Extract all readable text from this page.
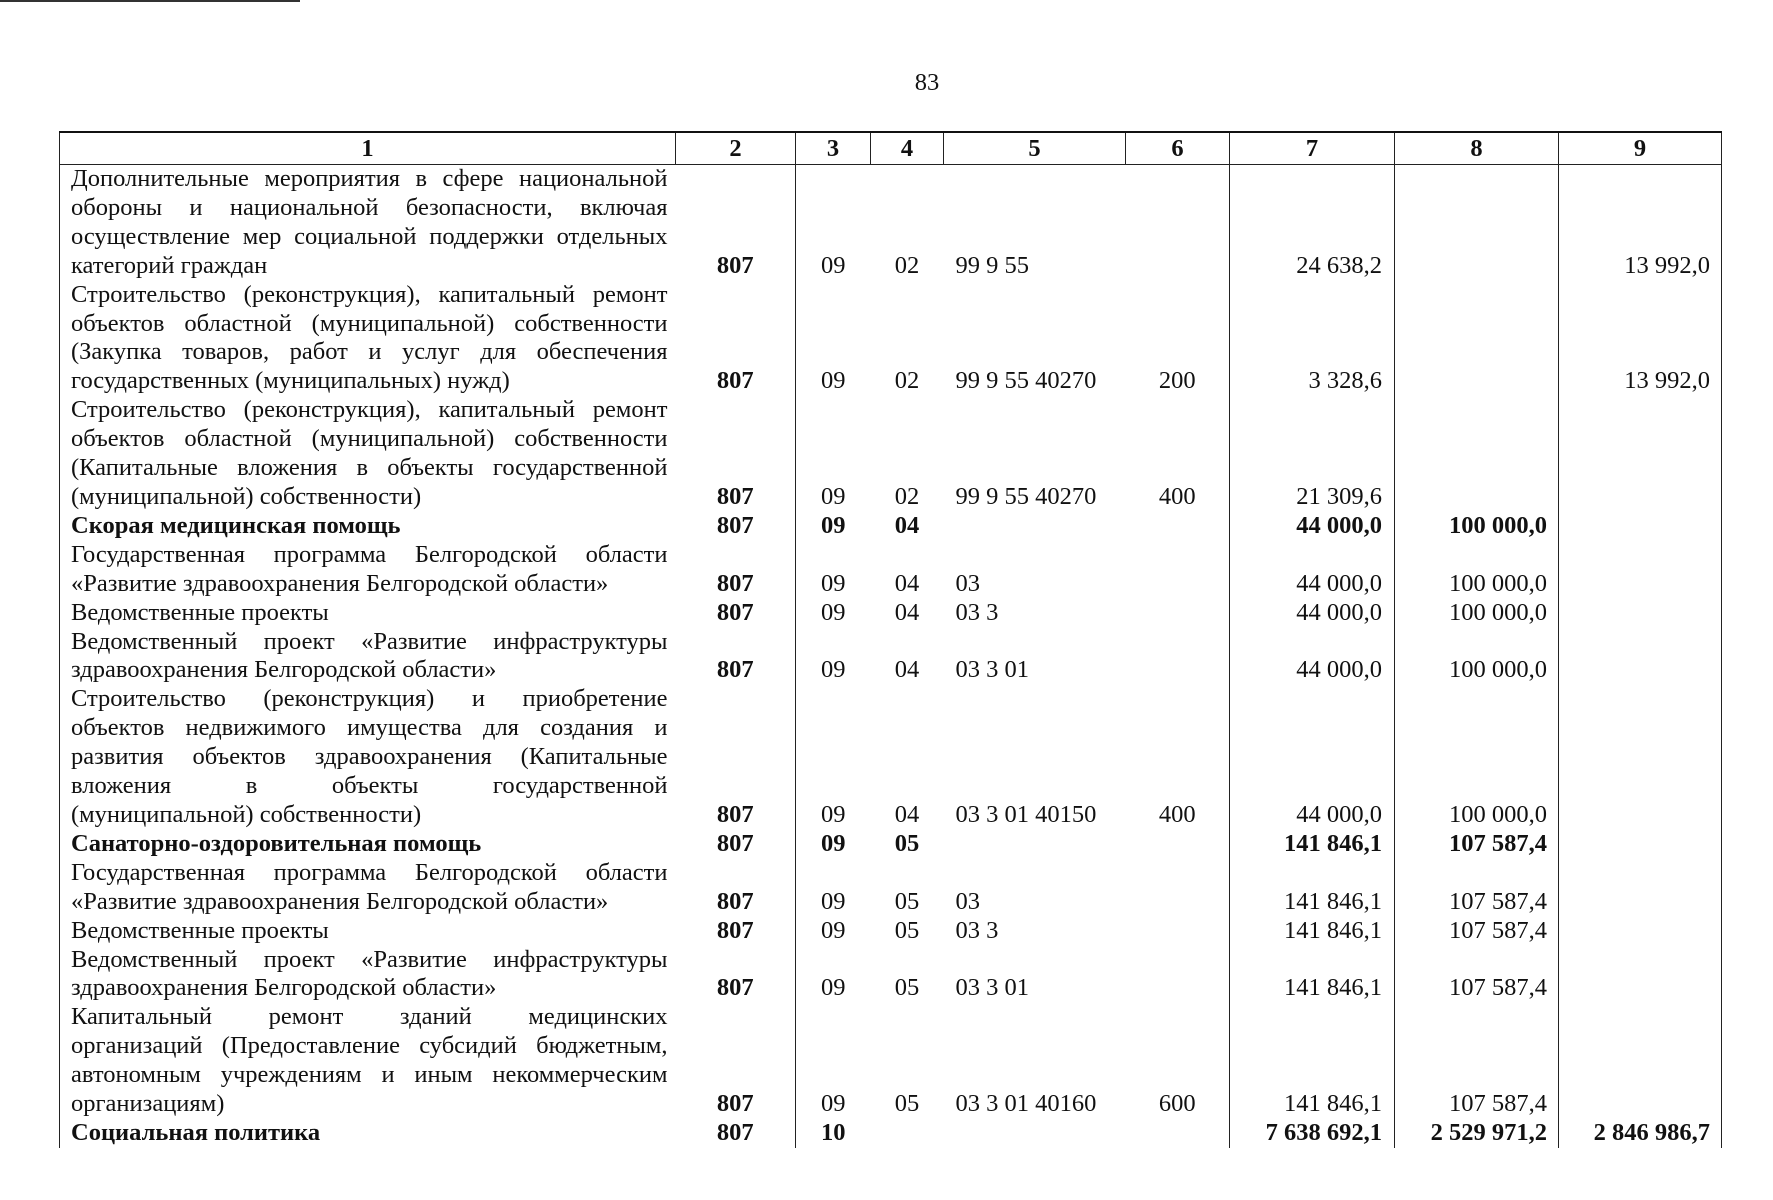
83
1	2	3	4	5	6	7	8	9

Дополнительные мероприятия в сфере национальной
обороны и национальной безопасности, включая
осуществление мер социальной поддержки отдельных
категорий граждан	807	09	02	99 9 55		24 638,2		13 992,0

Строительство (реконструкция), капитальный ремонт
объектов областной (муниципальной) собственности
(Закупка товаров, работ и услуг для обеспечения
государственных (муниципальных) нужд)	807	09	02	99 9 55 40270	200	3 328,6		13 992,0

Строительство (реконструкция), капитальный ремонт
объектов областной (муниципальной) собственности
(Капитальные вложения в объекты государственной
(муниципальной) собственности)	807	09	02	99 9 55 40270	400	21 309,6		

Скорая медицинская помощь	807	09	04			44 000,0	100 000,0	

Государственная программа Белгородской области
«Развитие здравоохранения Белгородской области»	807	09	04	03		44 000,0	100 000,0	

Ведомственные проекты	807	09	04	03 3		44 000,0	100 000,0	

Ведомственный проект «Развитие инфраструктуры
здравоохранения Белгородской области»	807	09	04	03 3 01		44 000,0	100 000,0	

Строительство (реконструкция) и приобретение
объектов недвижимого имущества для создания и
развития объектов здравоохранения (Капитальные
вложения в объекты государственной
(муниципальной) собственности)	807	09	04	03 3 01 40150	400	44 000,0	100 000,0	

Санаторно-оздоровительная помощь	807	09	05			141 846,1	107 587,4	

Государственная программа Белгородской области
«Развитие здравоохранения Белгородской области»	807	09	05	03		141 846,1	107 587,4	

Ведомственные проекты	807	09	05	03 3		141 846,1	107 587,4	

Ведомственный проект «Развитие инфраструктуры
здравоохранения Белгородской области»	807	09	05	03 3 01		141 846,1	107 587,4	

Капитальный ремонт зданий медицинских
организаций (Предоставление субсидий бюджетным,
автономным учреждениям и иным некоммерческим
организациям)	807	09	05	03 3 01 40160	600	141 846,1	107 587,4	

Социальная политика	807	10				7 638 692,1	2 529 971,2	2 846 986,7
